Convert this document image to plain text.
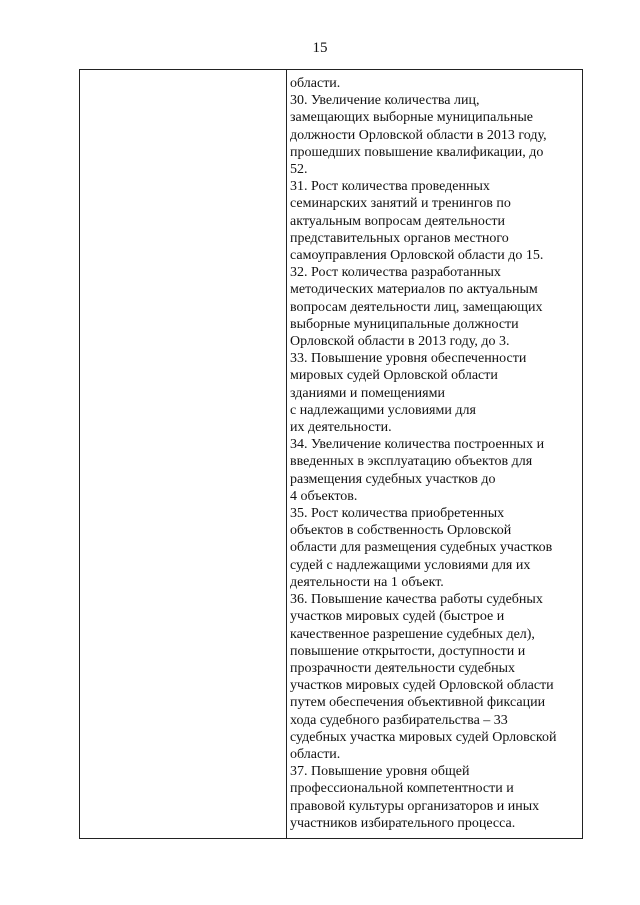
15
области.
30. Увеличение количества лиц,
замещающих выборные муниципальные
должности Орловской области в 2013 году,
прошедших повышение квалификации, до
52.
31. Рост количества проведенных
семинарских занятий и тренингов по
актуальным вопросам деятельности
представительных органов местного
самоуправления Орловской области до 15.
32. Рост количества разработанных
методических материалов по актуальным
вопросам деятельности лиц, замещающих
выборные муниципальные должности
Орловской области в 2013 году, до 3.
33. Повышение уровня обеспеченности
мировых судей Орловской области
зданиями и помещениями
с надлежащими условиями для
их деятельности.
34. Увеличение количества построенных и
введенных в эксплуатацию объектов для
размещения судебных участков до
4 объектов.
35. Рост количества приобретенных
объектов в собственность Орловской
области для размещения судебных участков
судей с надлежащими условиями для их
деятельности на 1 объект.
36. Повышение качества работы судебных
участков мировых судей (быстрое и
качественное разрешение судебных дел),
повышение открытости, доступности и
прозрачности деятельности судебных
участков мировых судей Орловской области
путем обеспечения объективной фиксации
хода судебного разбирательства – 33
судебных участка мировых судей Орловской
области.
37. Повышение уровня общей
профессиональной компетентности и
правовой культуры организаторов и иных
участников избирательного процесса.
